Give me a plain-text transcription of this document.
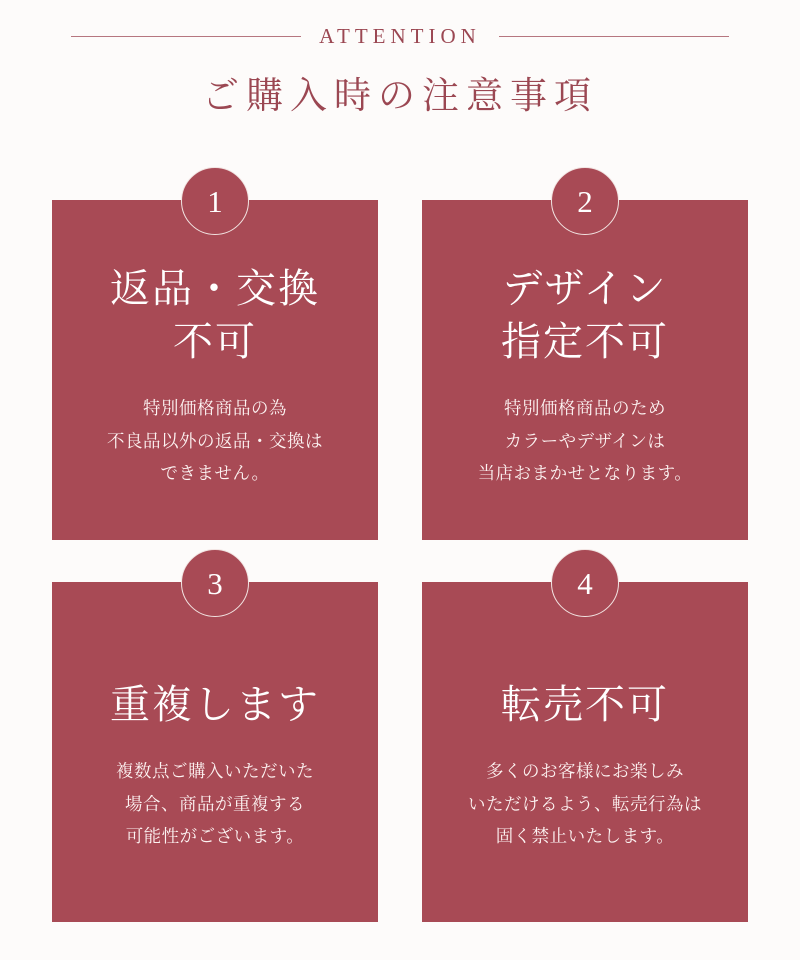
ATTENTION
ご購入時の注意事項
1
返品・交換
不可
特別価格商品の為
不良品以外の返品・交換は
できません。
2
デザイン
指定不可
特別価格商品のため
カラーやデザインは
当店おまかせとなります。
3
重複します
複数点ご購入いただいた
場合、商品が重複する
可能性がございます。
4
転売不可
多くのお客様にお楽しみ
いただけるよう、転売行為は
固く禁止いたします。
